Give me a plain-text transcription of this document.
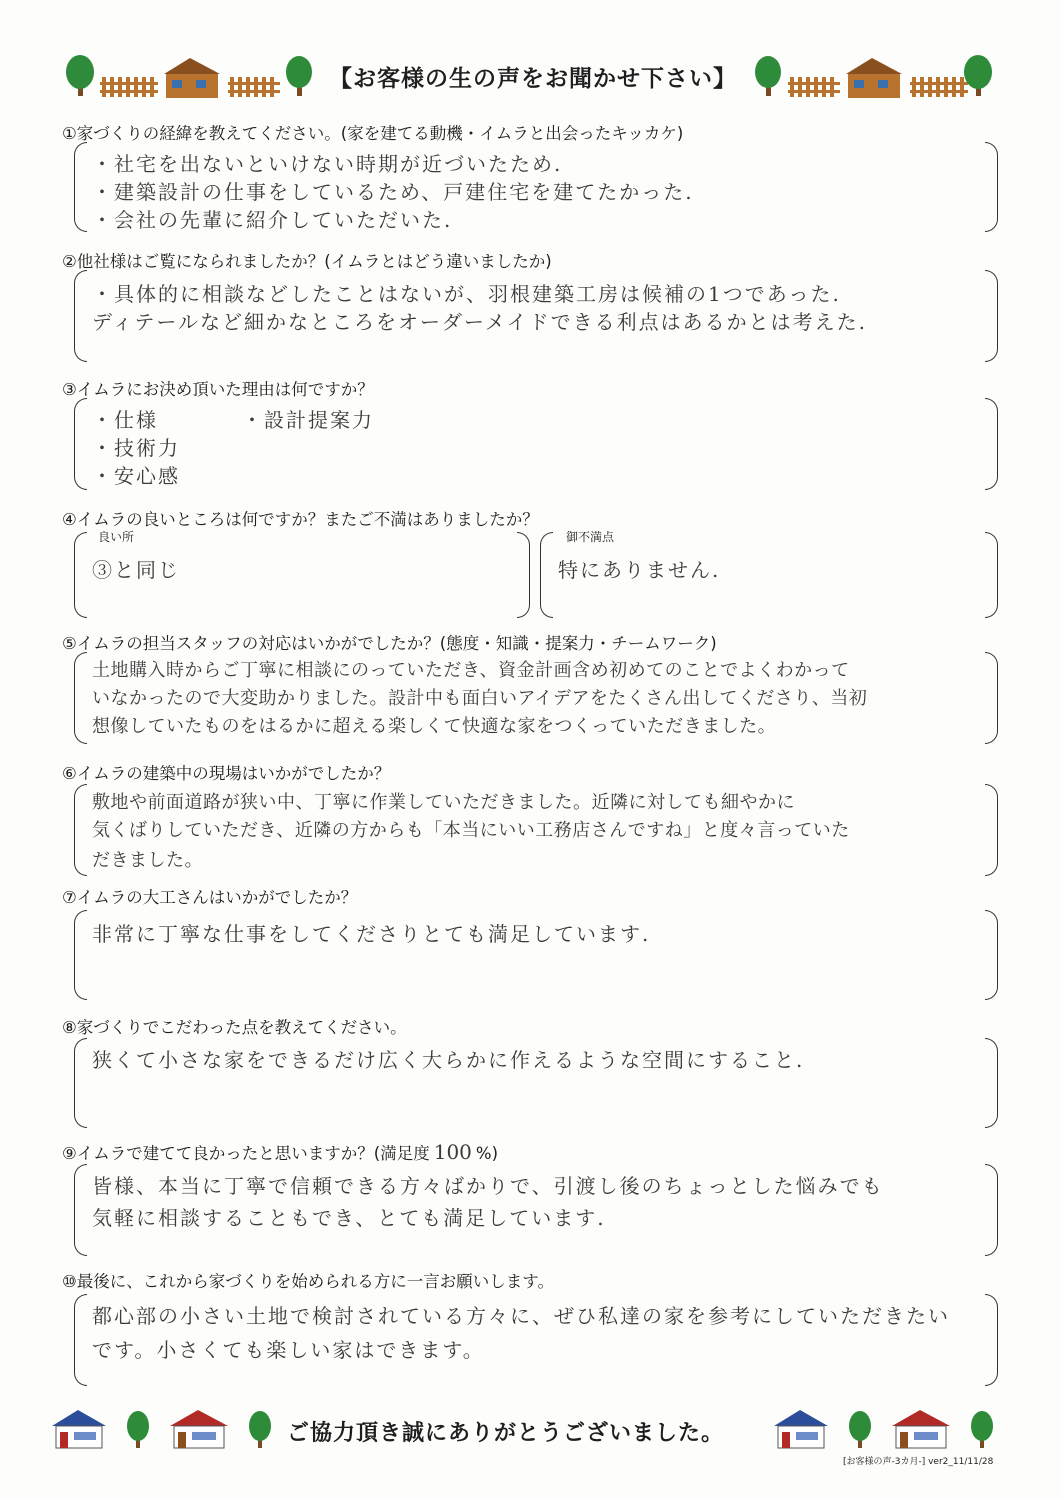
【お客様の生の声をお聞かせ下さい】
①家づくりの経緯を教えてください。(家を建てる動機・イムラと出会ったキッカケ)
・社宅を出ないといけない時期が近づいたため.
・建築設計の仕事をしているため、戸建住宅を建てたかった.
・会社の先輩に紹介していただいた.
②他社様はご覧になられましたか？(イムラとはどう違いましたか)
・具体的に相談などしたことはないが、羽根建築工房は候補の1つであった.
ディテールなど細かなところをオーダーメイドできる利点はあるかとは考えた.
③イムラにお決め頂いた理由は何ですか？
・仕様	・設計提案力
・技術力
・安心感
④イムラの良いところは何ですか？またご不満はありましたか？
良い所
③と同じ
御不満点
特にありません.
⑤イムラの担当スタッフの対応はいかがでしたか？(態度・知識・提案力・チームワーク)
土地購入時からご丁寧に相談にのっていただき、資金計画含め初めてのことでよくわかって
いなかったので大変助かりました。設計中も面白いアイデアをたくさん出してくださり、当初
想像していたものをはるかに超える楽しくて快適な家をつくっていただきました。
⑥イムラの建築中の現場はいかがでしたか？
敷地や前面道路が狭い中、丁寧に作業していただきました。近隣に対しても細やかに
気くばりしていただき、近隣の方からも「本当にいい工務店さんですね」と度々言っていた
だきました。
⑦イムラの大工さんはいかがでしたか？
非常に丁寧な仕事をしてくださりとても満足しています.
⑧家づくりでこだわった点を教えてください。
狭くて小さな家をできるだけ広く大らかに作えるような空間にすること.
⑨イムラで建てて良かったと思いますか？(満足度 100 %)
皆様、本当に丁寧で信頼できる方々ばかりで、引渡し後のちょっとした悩みでも
気軽に相談することもでき、とても満足しています.
⑩最後に、これから家づくりを始められる方に一言お願いします。
都心部の小さい土地で検討されている方々に、ぜひ私達の家を参考にしていただきたい
です。小さくても楽しい家はできます。
ご協力頂き誠にありがとうございました。
[お客様の声-3カ月-] ver2_11/11/28
